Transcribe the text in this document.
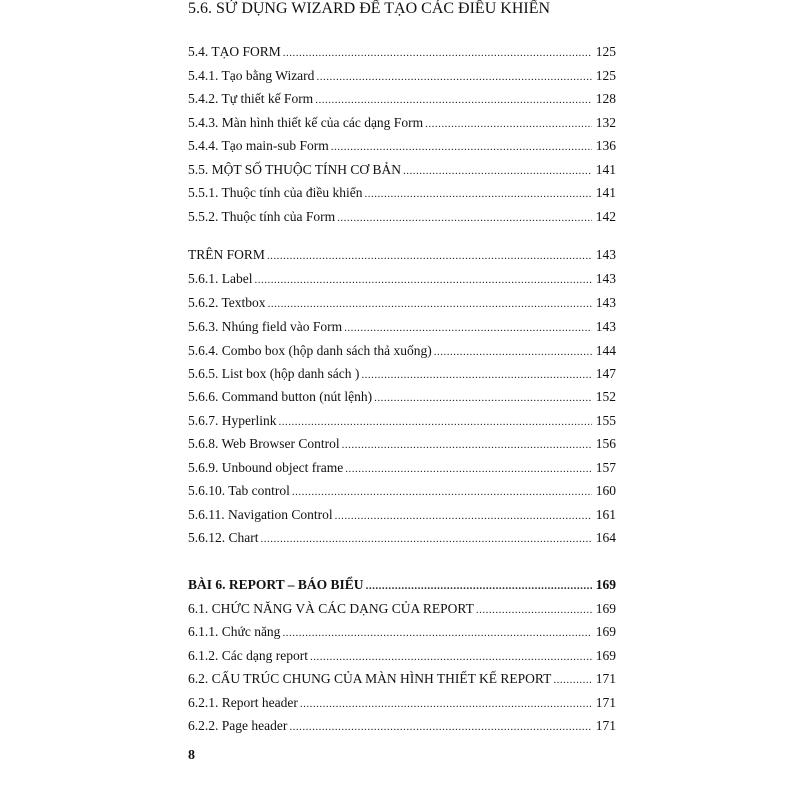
5.4. TẠO FORM .....	125
5.4.1. Tạo bằng Wizard .....	125
5.4.2. Tự thiết kế Form .....	128
5.4.3. Màn hình thiết kế của các dạng Form .....	132
5.4.4. Tạo main-sub Form .....	136
5.5. MỘT SỐ THUỘC TÍNH CƠ BẢN .....	141
5.5.1. Thuộc tính của điều khiển .....	141
5.5.2. Thuộc tính của Form .....	142
5.6. SỬ DỤNG WIZARD ĐỂ TẠO CÁC ĐIỀU KHIỂN
TRÊN FORM .....	143
5.6.1. Label .....	143
5.6.2. Textbox .....	143
5.6.3. Nhúng field vào Form .....	143
5.6.4. Combo box (hộp danh sách thả xuống) .....	144
5.6.5. List box (hộp danh sách ) .....	147
5.6.6. Command button (nút lệnh) .....	152
5.6.7. Hyperlink .....	155
5.6.8. Web Browser Control .....	156
5.6.9. Unbound object frame .....	157
5.6.10. Tab control .....	160
5.6.11. Navigation Control .....	161
5.6.12. Chart .....	164
BÀI 6. REPORT – BÁO BIỂU .....	169
6.1. CHỨC NĂNG VÀ CÁC DẠNG CỦA REPORT .....	169
6.1.1. Chức năng .....	169
6.1.2. Các dạng report .....	169
6.2. CẤU TRÚC CHUNG CỦA MÀN HÌNH THIẾT KẾ REPORT .....	171
6.2.1. Report header .....	171
6.2.2. Page header .....	171
8
